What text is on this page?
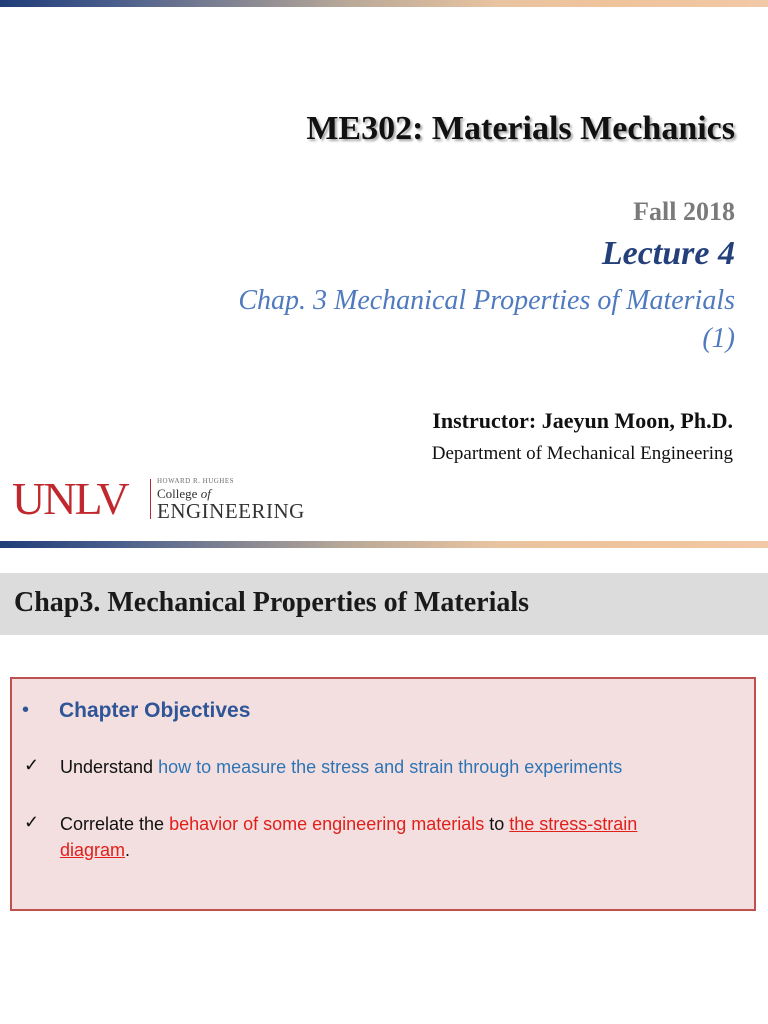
ME302: Materials Mechanics
Fall 2018
Lecture 4
Chap. 3 Mechanical Properties of Materials
(1)
Instructor: Jaeyun Moon, Ph.D.
Department of Mechanical Engineering
UNLV	HOWARD R. HUGHES
College of
ENGINEERING
Chap3. Mechanical Properties of Materials
• Chapter Objectives
✓ Understand how to measure the stress and strain through experiments
✓ Correlate the behavior of some engineering materials to the stress-strain
diagram.
